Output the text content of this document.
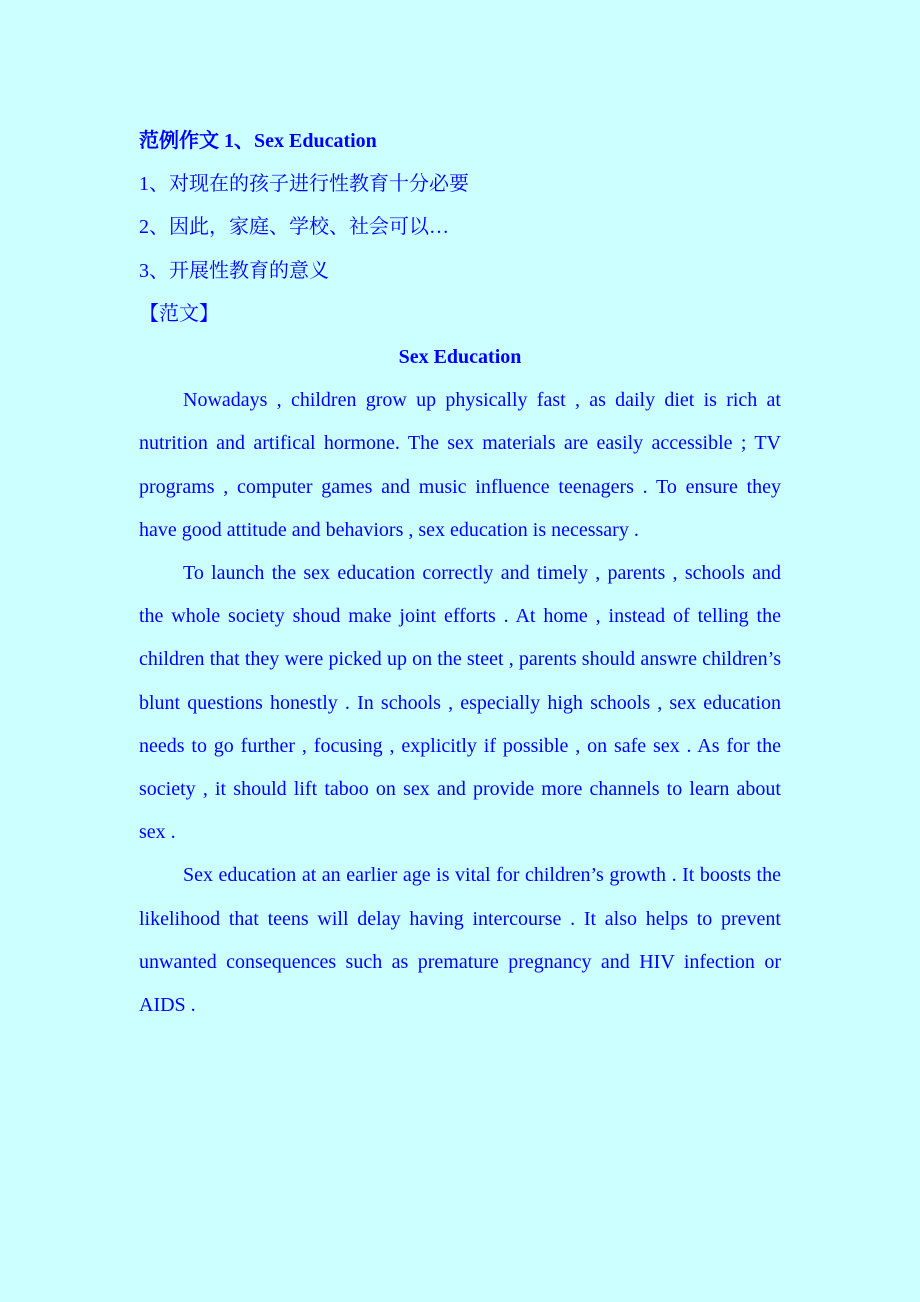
范例作文 1、Sex Education
1、对现在的孩子进行性教育十分必要
2、因此，家庭、学校、社会可以…
3、开展性教育的意义
【范文】
Sex Education

Nowadays , children grow up physically fast , as daily diet is rich at nutrition and artifical hormone. The sex materials are easily accessible ; TV programs , computer games and music influence teenagers . To ensure they have good attitude and behaviors , sex education is necessary .

To launch the sex education correctly and timely , parents , schools and the whole society shoud make joint efforts . At home , instead of telling the children that they were picked up on the steet , parents should answre children’s blunt questions honestly . In schools , especially high schools , sex education needs to go further , focusing , explicitly if possible , on safe sex . As for the society , it should lift taboo on sex and provide more channels to learn about sex .

Sex education at an earlier age is vital for children’s growth . It boosts the likelihood that teens will delay having intercourse . It also helps to prevent unwanted consequences such as premature pregnancy and HIV infection or AIDS .
